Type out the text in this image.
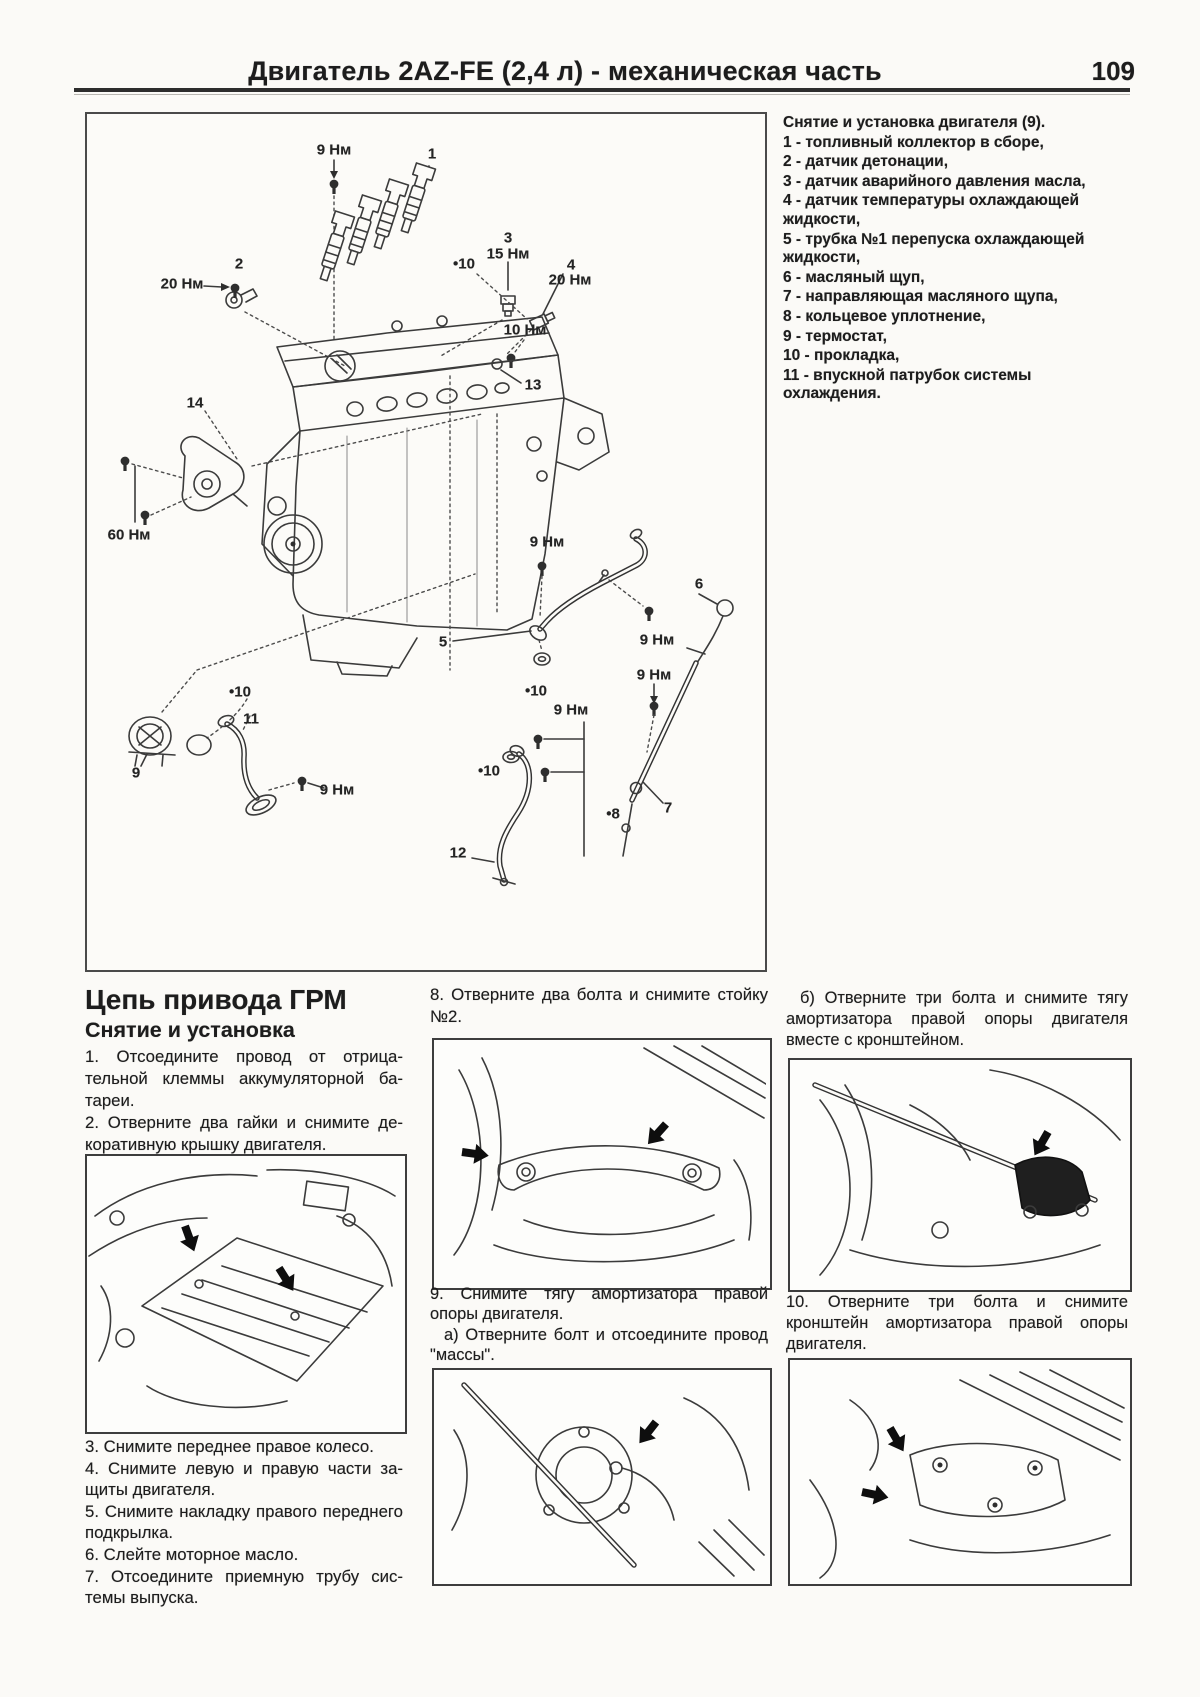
Двигатель 2AZ-FE (2,4 л) - механическая часть	109
9 Нм	1
2
20 Нм
•10
3
15 Нм
4
20 Нм
10 Нм
13
14
60 Нм	9 Нм
6
9 Нм
5
9 Нм
•10
•10
9 Нм
7
11
•10
9
9 Нм
•8
12

Снятие и установка двигателя (9).

1 - топливный коллектор в сборе,

2 - датчик детонации,

3 - датчик аварийного давления масла,

4 - датчик температуры охлаждающей жидкости,

5 - трубка №1 перепуска охлаждающей жидкости,

6 - масляный щуп,

7 - направляющая масляного щупа,

8 - кольцевое уплотнение,

9 - термостат,

10 - прокладка,

11 - впускной патрубок системы охлаждения.

Цепь привода ГРМ
Снятие и установка

1. Отсоедините провод от отрицательной клеммы аккумуляторной батареи.

2. Отверните два гайки и снимите декоративную крышку двигателя.

3. Снимите переднее правое колесо.

4. Снимите левую и правую части защиты двигателя.

5. Снимите накладку правого переднего подкрылка.

6. Слейте моторное масло.

7. Отсоедините приемную трубу системы выпуска.

8. Отверните два болта и снимите стойку №2.

9. Снимите тягу амортизатора правой опоры двигателя.

а) Отверните болт и отсоедините провод "массы".

б) Отверните три болта и снимите тягу амортизатора правой опоры двигателя вместе с кронштейном.

10. Отверните три болта и снимите кронштейн амортизатора правой опоры двигателя.
